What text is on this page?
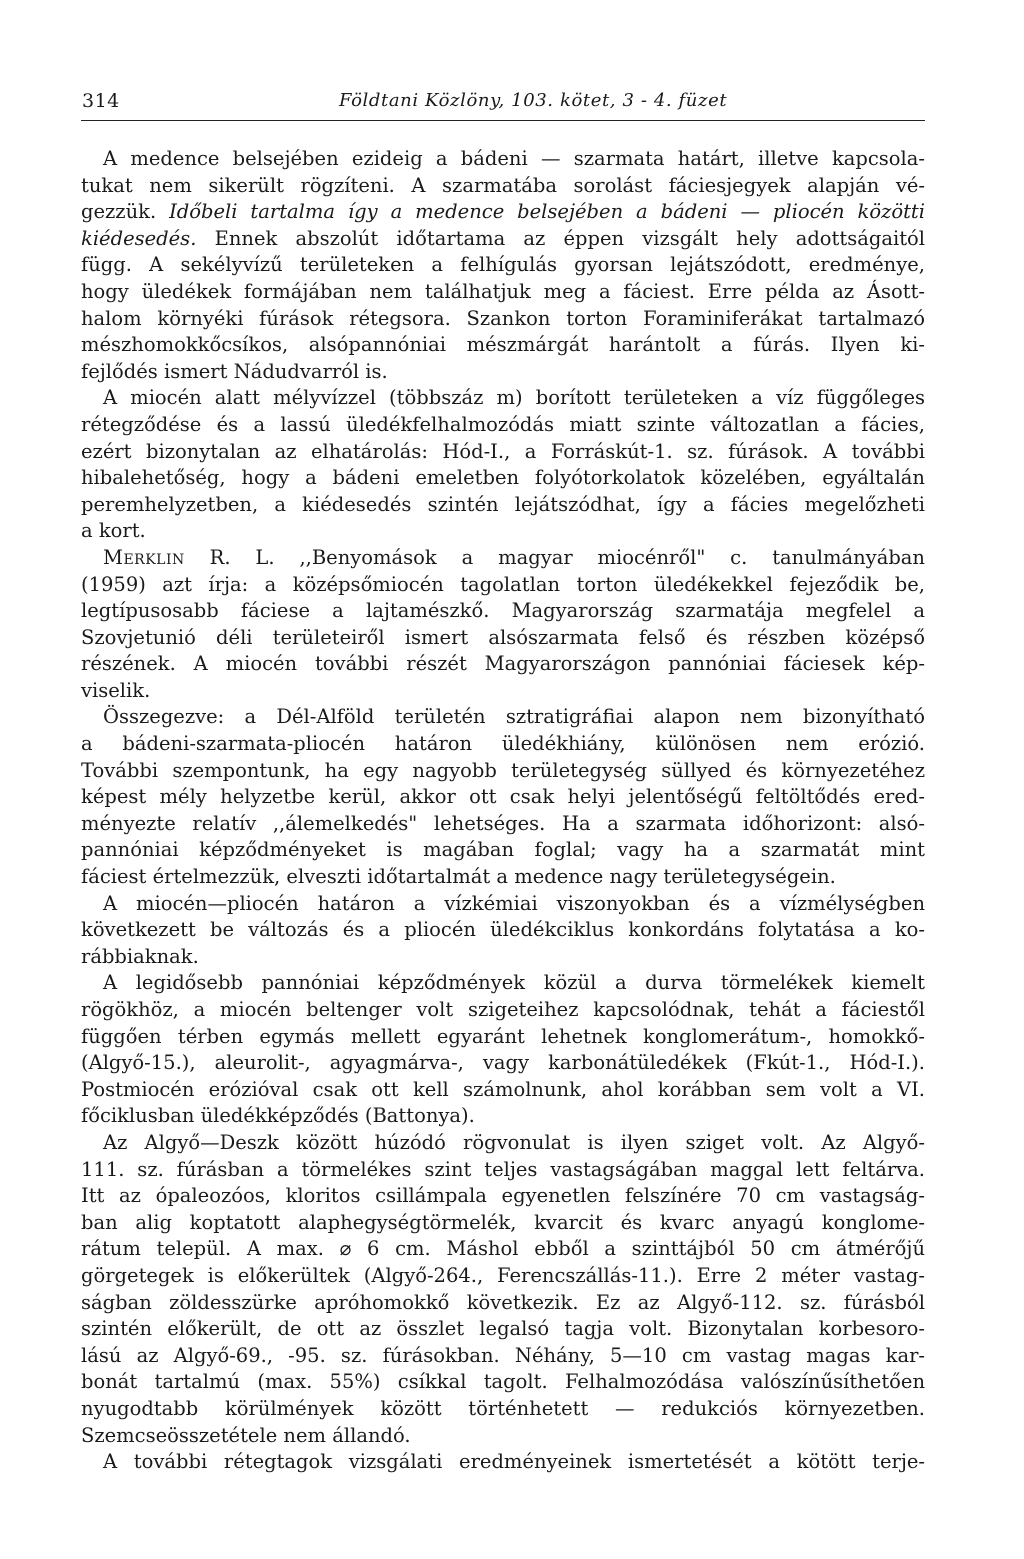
314	Földtani Közlöny, 103. kötet, 3 - 4. füzet
A medence belsejében ezideig a bádeni — szarmata határt, illetve kapcsola-
tukat nem sikerült rögzíteni. A szarmatába sorolást fáciesjegyek alapján vé-
gezzük. Időbeli tartalma így a medence belsejében a bádeni — pliocén közötti
kiédesedés. Ennek abszolút időtartama az éppen vizsgált hely adottságaitól
függ. A sekélyvízű területeken a felhígulás gyorsan lejátszódott, eredménye,
hogy üledékek formájában nem találhatjuk meg a fáciest. Erre példa az Ásott-
halom környéki fúrások rétegsora. Szankon torton Foraminiferákat tartalmazó
mészhomokkőcsíkos, alsópannóniai mészmárgát harántolt a fúrás. Ilyen ki-
fejlődés ismert Nádudvarról is.
A miocén alatt mélyvízzel (többszáz m) borított területeken a víz függőleges
rétegződése és a lassú üledékfelhalmozódás miatt szinte változatlan a fácies,
ezért bizonytalan az elhatárolás: Hód-I., a Forráskút-1. sz. fúrások. A további
hibalehetőség, hogy a bádeni emeletben folyótorkolatok közelében, egyáltalán
peremhelyzetben, a kiédesedés szintén lejátszódhat, így a fácies megelőzheti
a kort.
Merklin R. L. ,,Benyomások a magyar miocénről" c. tanulmányában
(1959) azt írja: a középsőmiocén tagolatlan torton üledékekkel fejeződik be,
legtípusosabb fáciese a lajtamészkő. Magyarország szarmatája megfelel a
Szovjetunió déli területeiről ismert alsószarmata felső és részben középső
részének. A miocén további részét Magyarországon pannóniai fáciesek kép-
viselik.
Összegezve: a Dél-Alföld területén sztratigráfiai alapon nem bizonyítható
a bádeni-szarmata-pliocén határon üledékhiány, különösen nem erózió.
További szempontunk, ha egy nagyobb területegység süllyed és környezetéhez
képest mély helyzetbe kerül, akkor ott csak helyi jelentőségű feltöltődés ered-
ményezte relatív ,,álemelkedés" lehetséges. Ha a szarmata időhorizont: alsó-
pannóniai képződményeket is magában foglal; vagy ha a szarmatát mint
fáciest értelmezzük, elveszti időtartalmát a medence nagy területegységein.
A miocén—pliocén határon a vízkémiai viszonyokban és a vízmélységben
következett be változás és a pliocén üledékciklus konkordáns folytatása a ko-
rábbiaknak.
A legidősebb pannóniai képződmények közül a durva törmelékek kiemelt
rögökhöz, a miocén beltenger volt szigeteihez kapcsolódnak, tehát a fáciestől
függően térben egymás mellett egyaránt lehetnek konglomerátum-, homokkő-
(Algyő-15.), aleurolit-, agyagmárva-, vagy karbonátüledékek (Fkút-1., Hód-I.).
Postmiocén erózióval csak ott kell számolnunk, ahol korábban sem volt a VI.
főciklusban üledékképződés (Battonya).
Az Algyő—Deszk között húzódó rögvonulat is ilyen sziget volt. Az Algyő-
111. sz. fúrásban a törmelékes szint teljes vastagságában maggal lett feltárva.
Itt az ópaleozóos, kloritos csillámpala egyenetlen felszínére 70 cm vastagság-
ban alig koptatott alaphegységtörmelék, kvarcit és kvarc anyagú konglome-
rátum települ. A max. ⌀ 6 cm. Máshol ebből a szinttájból 50 cm átmérőjű
görgetegek is előkerültek (Algyő-264., Ferencszállás-11.). Erre 2 méter vastag-
ságban zöldesszürke apróhomokkő következik. Ez az Algyő-112. sz. fúrásból
szintén előkerült, de ott az összlet legalsó tagja volt. Bizonytalan korbesoro-
lású az Algyő-69., -95. sz. fúrásokban. Néhány, 5—10 cm vastag magas kar-
bonát tartalmú (max. 55%) csíkkal tagolt. Felhalmozódása valószínűsíthetően
nyugodtabb körülmények között történhetett — redukciós környezetben.
Szemcseösszetétele nem állandó.
A további rétegtagok vizsgálati eredményeinek ismertetését a kötött terje-
